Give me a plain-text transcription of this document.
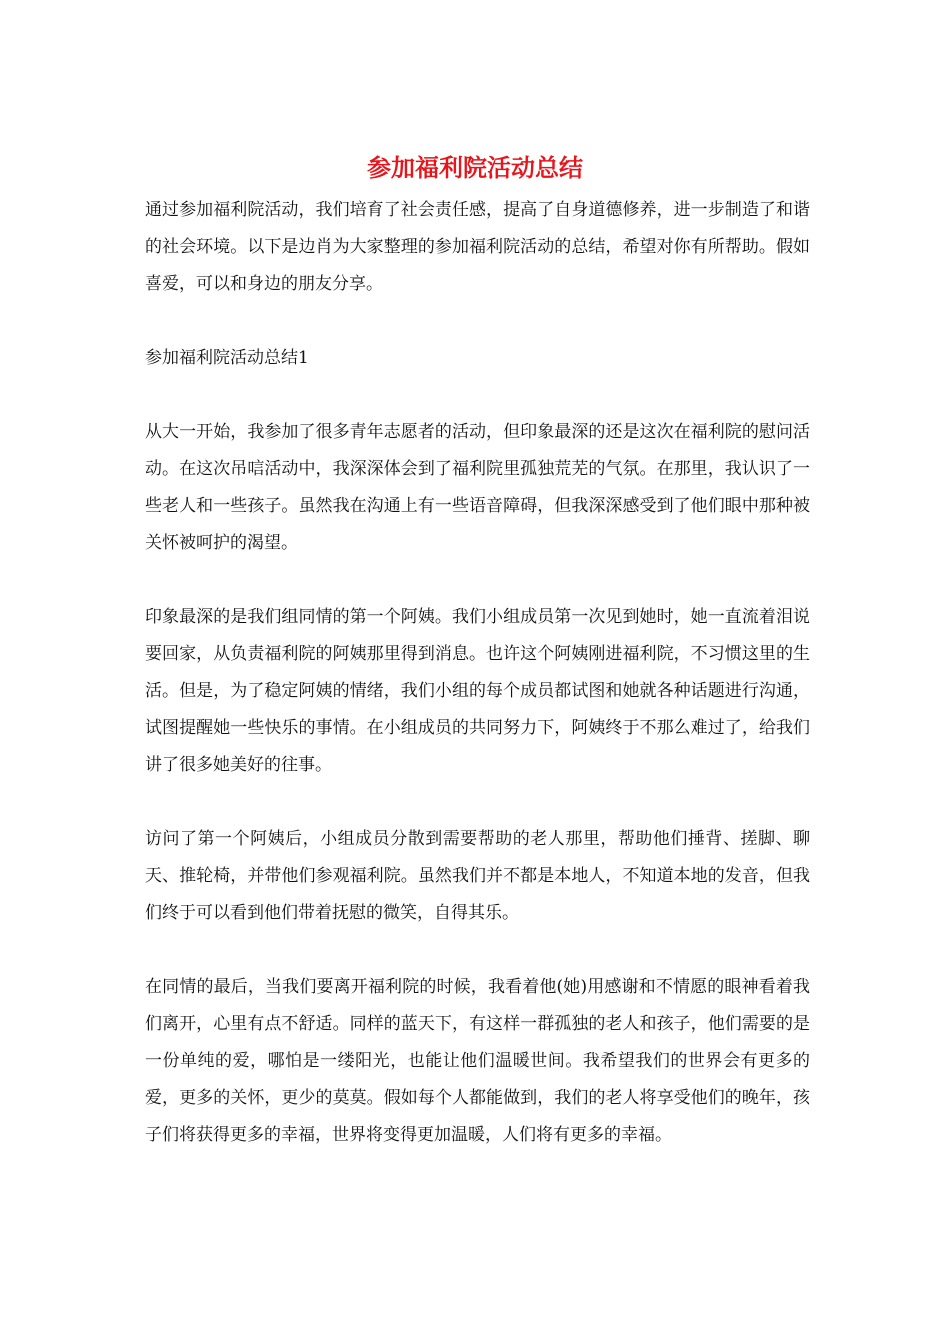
参加福利院活动总结

通过参加福利院活动，我们培育了社会责任感，提高了自身道德修养，进一步制造了和谐的社会环境。以下是边肖为大家整理的参加福利院活动的总结，希望对你有所帮助。假如喜爱，可以和身边的朋友分享。

参加福利院活动总结1

从大一开始，我参加了很多青年志愿者的活动，但印象最深的还是这次在福利院的慰问活动。在这次吊唁活动中，我深深体会到了福利院里孤独荒芜的气氛。在那里，我认识了一些老人和一些孩子。虽然我在沟通上有一些语音障碍，但我深深感受到了他们眼中那种被关怀被呵护的渴望。

印象最深的是我们组同情的第一个阿姨。我们小组成员第一次见到她时，她一直流着泪说要回家，从负责福利院的阿姨那里得到消息。也许这个阿姨刚进福利院，不习惯这里的生活。但是，为了稳定阿姨的情绪，我们小组的每个成员都试图和她就各种话题进行沟通，试图提醒她一些快乐的事情。在小组成员的共同努力下，阿姨终于不那么难过了，给我们讲了很多她美好的往事。

访问了第一个阿姨后，小组成员分散到需要帮助的老人那里，帮助他们捶背、搓脚、聊天、推轮椅，并带他们参观福利院。虽然我们并不都是本地人，不知道本地的发音，但我们终于可以看到他们带着抚慰的微笑，自得其乐。

在同情的最后，当我们要离开福利院的时候，我看着他(她)用感谢和不情愿的眼神看着我们离开，心里有点不舒适。同样的蓝天下，有这样一群孤独的老人和孩子，他们需要的是一份单纯的爱，哪怕是一缕阳光，也能让他们温暖世间。我希望我们的世界会有更多的爱，更多的关怀，更少的莫莫。假如每个人都能做到，我们的老人将享受他们的晚年，孩子们将获得更多的幸福，世界将变得更加温暖，人们将有更多的幸福。
